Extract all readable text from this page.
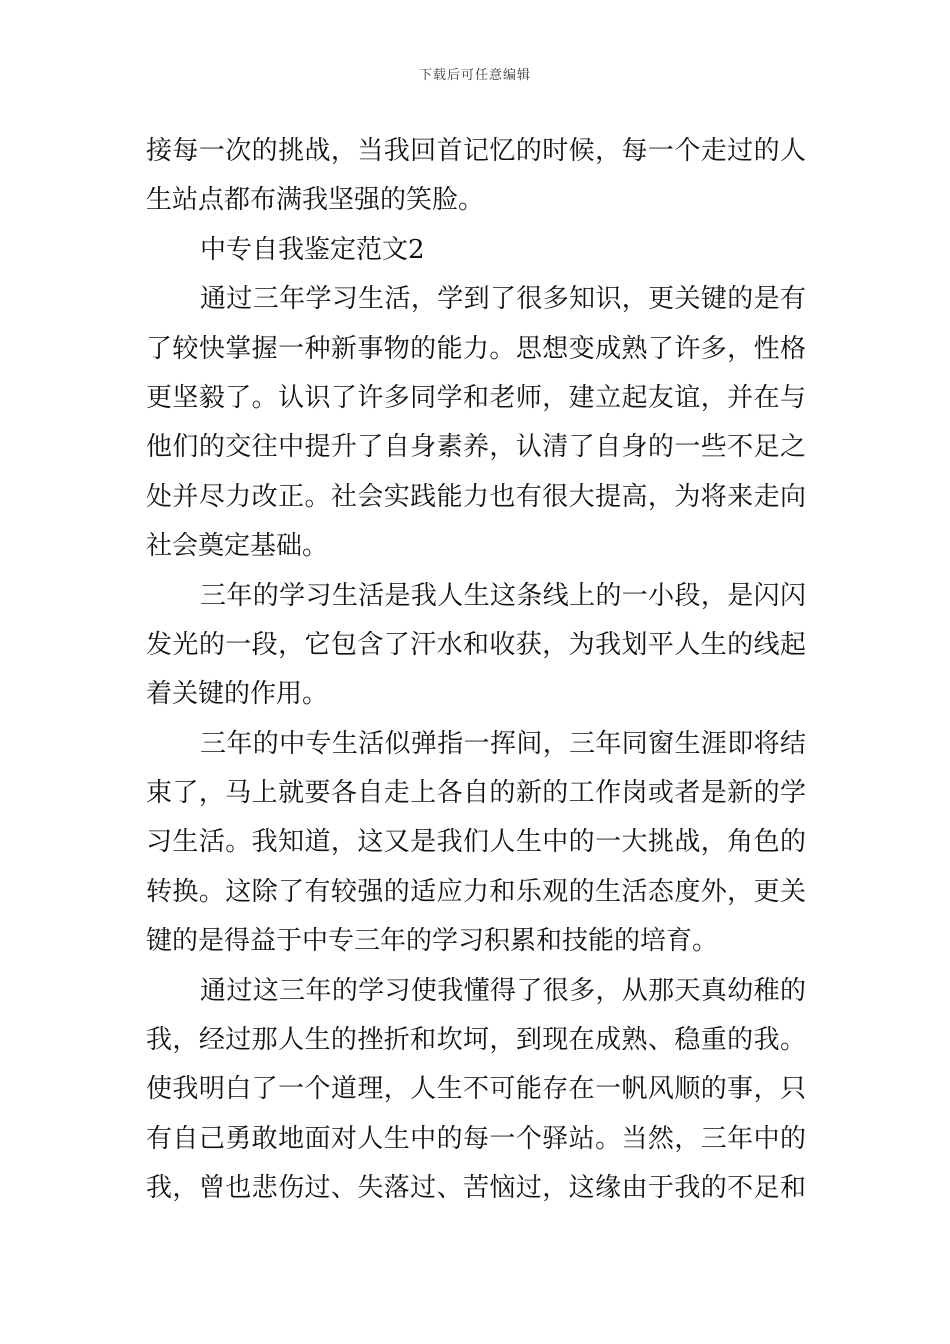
下载后可任意编辑
接每一次的挑战，当我回首记忆的时候，每一个走过的人
生站点都布满我坚强的笑脸。
中专自我鉴定范文2
通过三年学习生活，学到了很多知识，更关键的是有
了较快掌握一种新事物的能力。思想变成熟了许多，性格
更坚毅了。认识了许多同学和老师，建立起友谊，并在与
他们的交往中提升了自身素养，认清了自身的一些不足之
处并尽力改正。社会实践能力也有很大提高，为将来走向
社会奠定基础。
三年的学习生活是我人生这条线上的一小段，是闪闪
发光的一段，它包含了汗水和收获，为我划平人生的线起
着关键的作用。
三年的中专生活似弹指一挥间，三年同窗生涯即将结
束了，马上就要各自走上各自的新的工作岗或者是新的学
习生活。我知道，这又是我们人生中的一大挑战，角色的
转换。这除了有较强的适应力和乐观的生活态度外，更关
键的是得益于中专三年的学习积累和技能的培育。
通过这三年的学习使我懂得了很多，从那天真幼稚的
我，经过那人生的挫折和坎坷，到现在成熟、稳重的我。
使我明白了一个道理，人生不可能存在一帆风顺的事，只
有自己勇敢地面对人生中的每一个驿站。当然，三年中的
我，曾也悲伤过、失落过、苦恼过，这缘由于我的不足和
